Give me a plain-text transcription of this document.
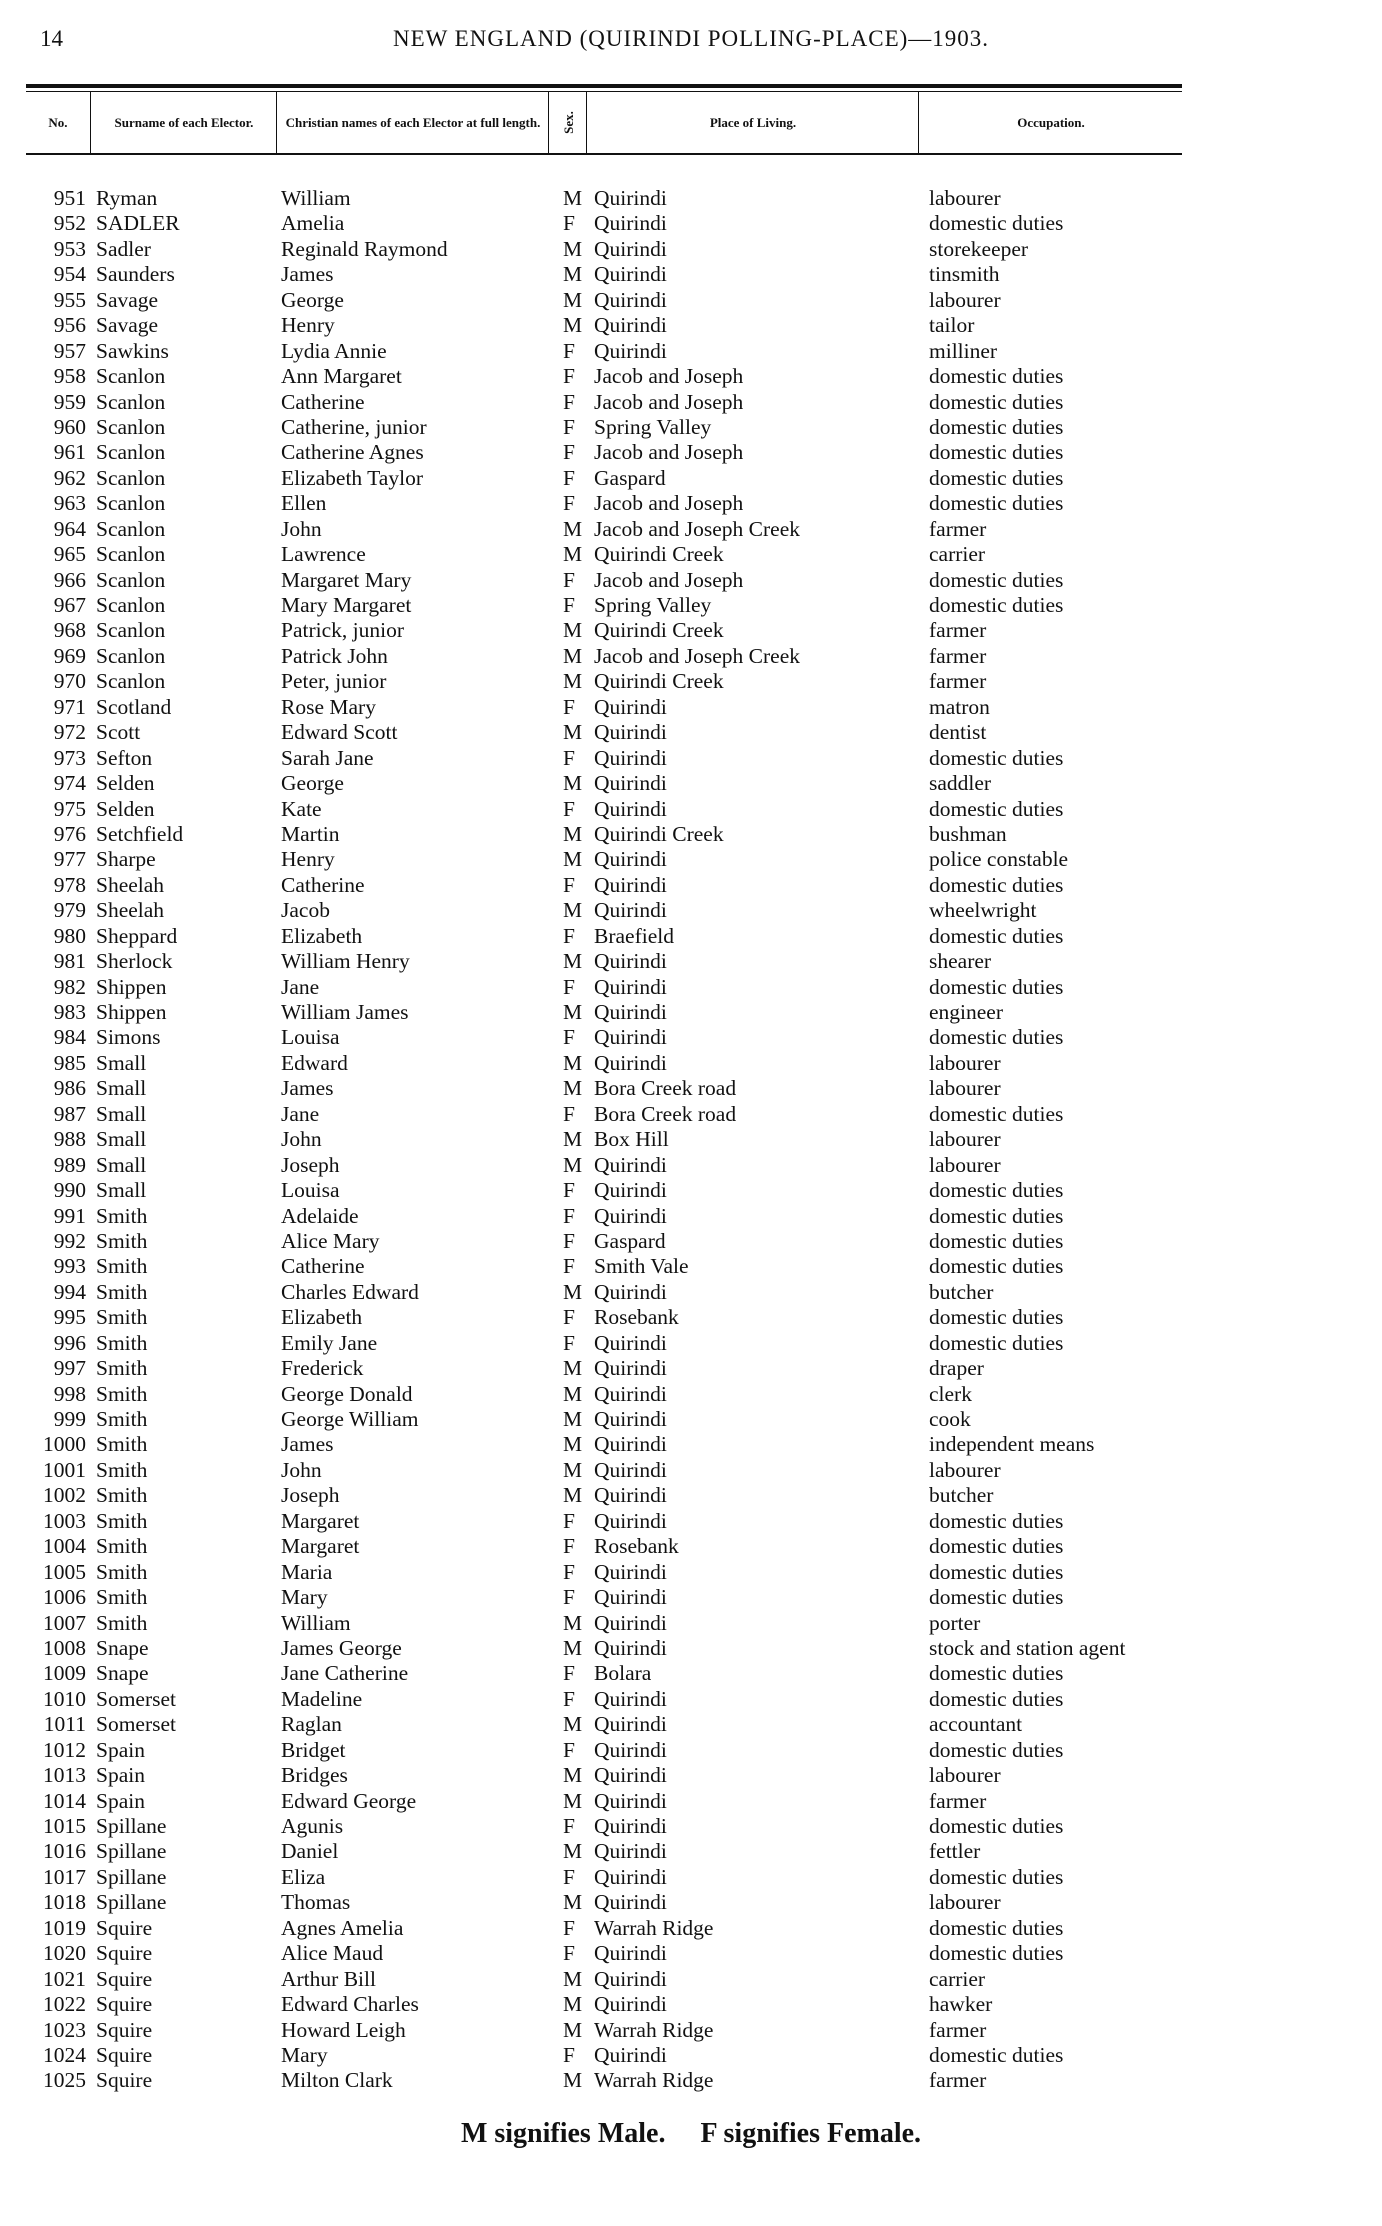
14	NEW ENGLAND (QUIRINDI POLLING-PLACE)—1903.
No.	Surname of each Elector.	Christian names of each Elector at full length.	Sex.	Place of Living.	Occupation.
951 Ryman	William	M Quirindi	labourer
952 SADLER	Amelia	F Quirindi	domestic duties
953 Sadler	Reginald Raymond	M Quirindi	storekeeper
954 Saunders	James	M Quirindi	tinsmith
955 Savage	George	M Quirindi	labourer
956 Savage	Henry	M Quirindi	tailor
957 Sawkins	Lydia Annie	F Quirindi	milliner
958 Scanlon	Ann Margaret	F Jacob and Joseph	domestic duties
959 Scanlon	Catherine	F Jacob and Joseph	domestic duties
960 Scanlon	Catherine, junior	F Spring Valley	domestic duties
961 Scanlon	Catherine Agnes	F Jacob and Joseph	domestic duties
962 Scanlon	Elizabeth Taylor	F Gaspard	domestic duties
963 Scanlon	Ellen	F Jacob and Joseph	domestic duties
964 Scanlon	John	M Jacob and Joseph Creek	farmer
965 Scanlon	Lawrence	M Quirindi Creek	carrier
966 Scanlon	Margaret Mary	F Jacob and Joseph	domestic duties
967 Scanlon	Mary Margaret	F Spring Valley	domestic duties
968 Scanlon	Patrick, junior	M Quirindi Creek	farmer
969 Scanlon	Patrick John	M Jacob and Joseph Creek	farmer
970 Scanlon	Peter, junior	M Quirindi Creek	farmer
971 Scotland	Rose Mary	F Quirindi	matron
972 Scott	Edward Scott	M Quirindi	dentist
973 Sefton	Sarah Jane	F Quirindi	domestic duties
974 Selden	George	M Quirindi	saddler
975 Selden	Kate	F Quirindi	domestic duties
976 Setchfield	Martin	M Quirindi Creek	bushman
977 Sharpe	Henry	M Quirindi	police constable
978 Sheelah	Catherine	F Quirindi	domestic duties
979 Sheelah	Jacob	M Quirindi	wheelwright
980 Sheppard	Elizabeth	F Braefield	domestic duties
981 Sherlock	William Henry	M Quirindi	shearer
982 Shippen	Jane	F Quirindi	domestic duties
983 Shippen	William James	M Quirindi	engineer
984 Simons	Louisa	F Quirindi	domestic duties
985 Small	Edward	M Quirindi	labourer
986 Small	James	M Bora Creek road	labourer
987 Small	Jane	F Bora Creek road	domestic duties
988 Small	John	M Box Hill	labourer
989 Small	Joseph	M Quirindi	labourer
990 Small	Louisa	F Quirindi	domestic duties
991 Smith	Adelaide	F Quirindi	domestic duties
992 Smith	Alice Mary	F Gaspard	domestic duties
993 Smith	Catherine	F Smith Vale	domestic duties
994 Smith	Charles Edward	M Quirindi	butcher
995 Smith	Elizabeth	F Rosebank	domestic duties
996 Smith	Emily Jane	F Quirindi	domestic duties
997 Smith	Frederick	M Quirindi	draper
998 Smith	George Donald	M Quirindi	clerk
999 Smith	George William	M Quirindi	cook
1000 Smith	James	M Quirindi	independent means
1001 Smith	John	M Quirindi	labourer
1002 Smith	Joseph	M Quirindi	butcher
1003 Smith	Margaret	F Quirindi	domestic duties
1004 Smith	Margaret	F Rosebank	domestic duties
1005 Smith	Maria	F Quirindi	domestic duties
1006 Smith	Mary	F Quirindi	domestic duties
1007 Smith	William	M Quirindi	porter
1008 Snape	James George	M Quirindi	stock and station agent
1009 Snape	Jane Catherine	F Bolara	domestic duties
1010 Somerset	Madeline	F Quirindi	domestic duties
1011 Somerset	Raglan	M Quirindi	accountant
1012 Spain	Bridget	F Quirindi	domestic duties
1013 Spain	Bridges	M Quirindi	labourer
1014 Spain	Edward George	M Quirindi	farmer
1015 Spillane	Agunis	F Quirindi	domestic duties
1016 Spillane	Daniel	M Quirindi	fettler
1017 Spillane	Eliza	F Quirindi	domestic duties
1018 Spillane	Thomas	M Quirindi	labourer
1019 Squire	Agnes Amelia	F Warrah Ridge	domestic duties
1020 Squire	Alice Maud	F Quirindi	domestic duties
1021 Squire	Arthur Bill	M Quirindi	carrier
1022 Squire	Edward Charles	M Quirindi	hawker
1023 Squire	Howard Leigh	M Warrah Ridge	farmer
1024 Squire	Mary	F Quirindi	domestic duties
1025 Squire	Milton Clark	M Warrah Ridge	farmer
M signifies Male. F signifies Female.
